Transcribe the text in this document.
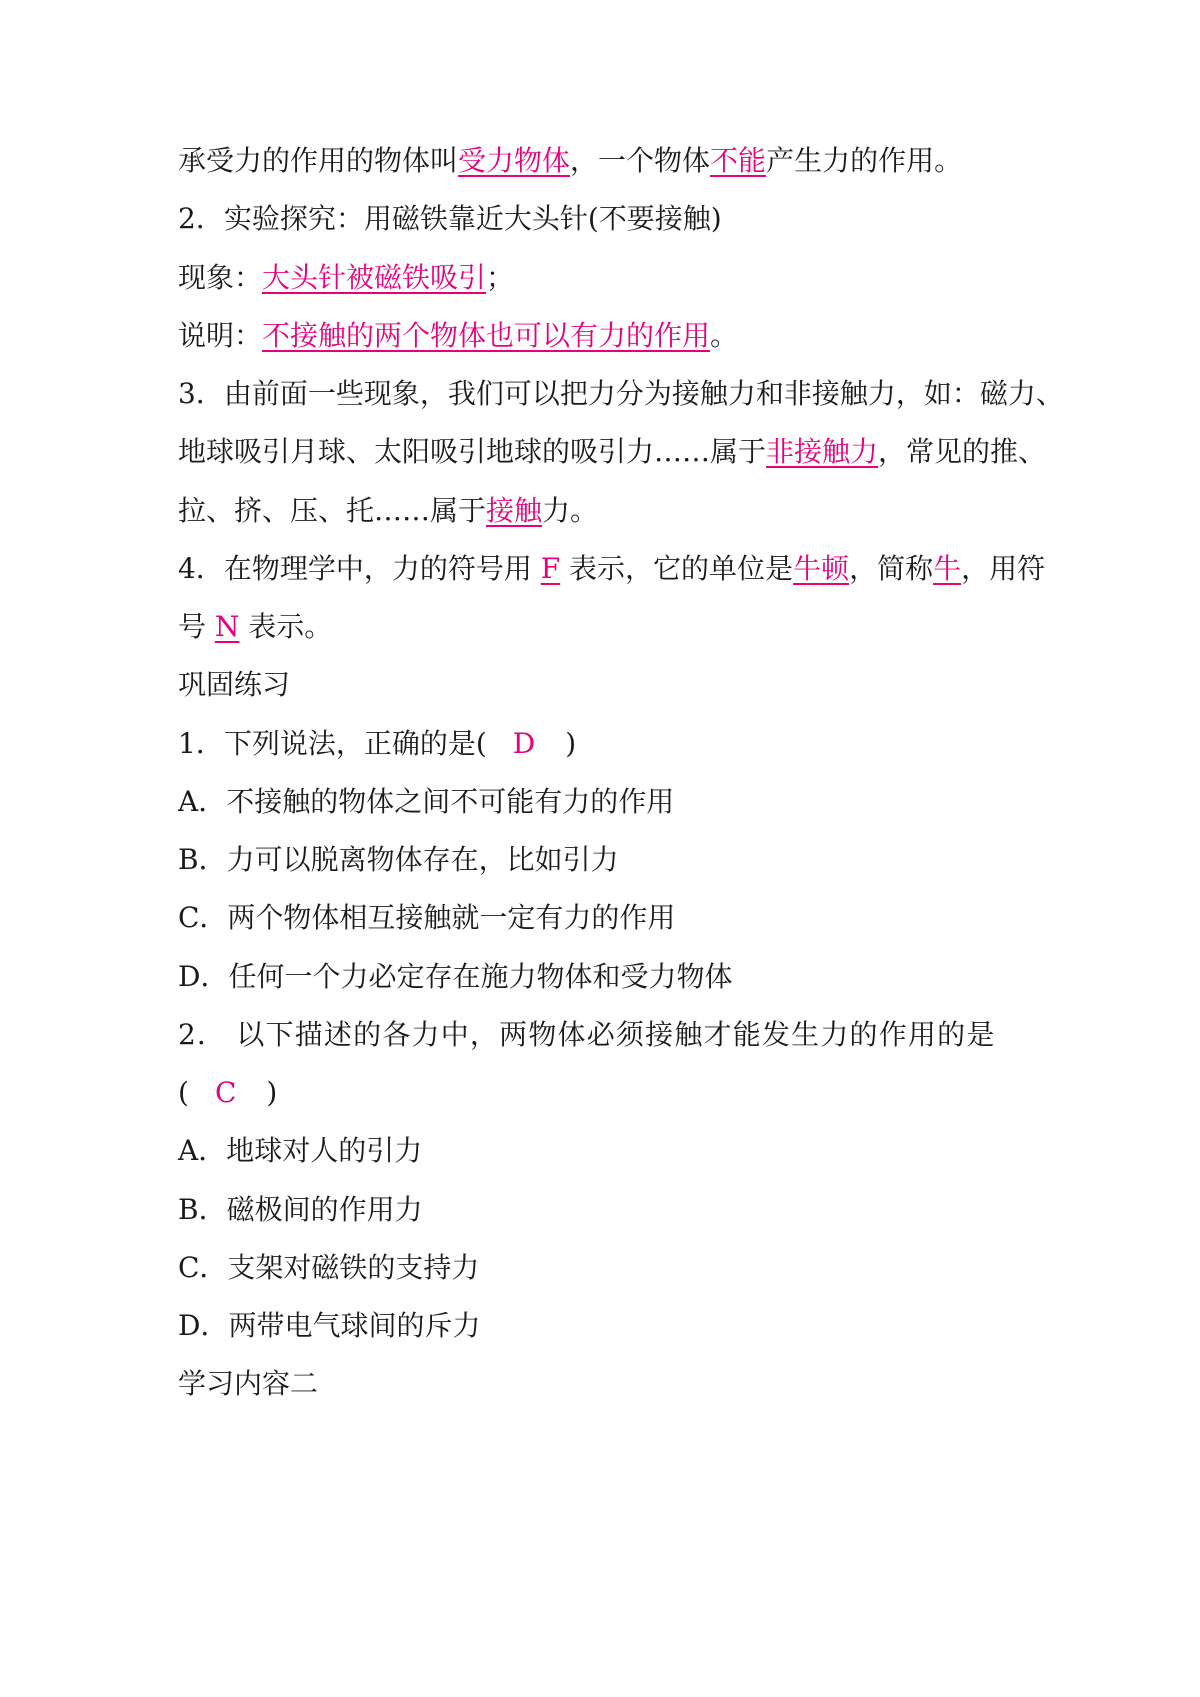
承受力的作用的物体叫受力物体，一个物体不能产生力的作用。
2．实验探究：用磁铁靠近大头针(不要接触)
现象：大头针被磁铁吸引；
说明：不接触的两个物体也可以有力的作用。
3．由前面一些现象，我们可以把力分为接触力和非接触力，如：磁力、
地球吸引月球、太阳吸引地球的吸引力……属于非接触力，常见的推、
拉、挤、压、托……属于接触力。
4．在物理学中，力的符号用 F 表示，它的单位是牛顿，简称牛，用符
号 N 表示。
巩固练习
1．下列说法，正确的是( D )
A．不接触的物体之间不可能有力的作用
B．力可以脱离物体存在，比如引力
C．两个物体相互接触就一定有力的作用
D．任何一个力必定存在施力物体和受力物体
2． 以下描述的各力中，两物体必须接触才能发生力的作用的是
( C )
A．地球对人的引力
B．磁极间的作用力
C．支架对磁铁的支持力
D．两带电气球间的斥力
学习内容二
